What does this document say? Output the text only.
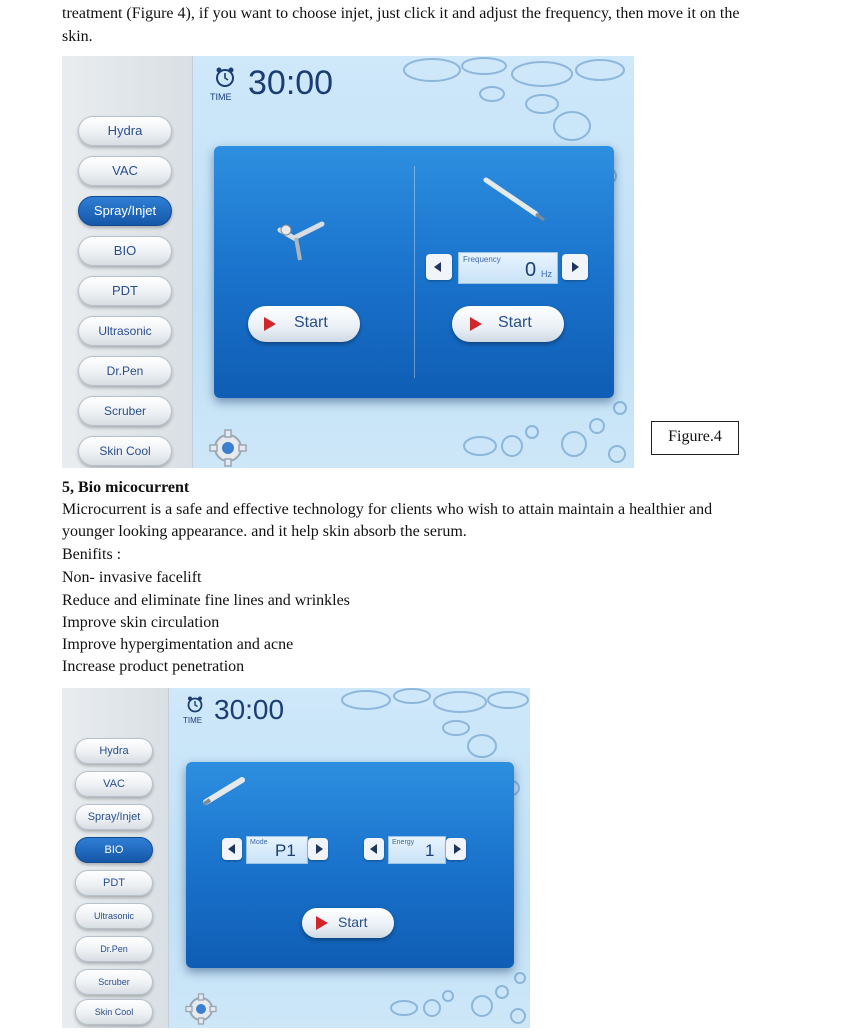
treatment (Figure 4), if you want to choose injet, just click it and adjust the frequency, then move it on the
skin.
Hydra
VAC
Spray/Injet
BIO
PDT
Ultrasonic
Dr.Pen
Scruber
Skin Cool
TIME 30:00
Start	Start
Frequency 0 Hz
Figure.4
5, Bio micocurrent
Microcurrent is a safe and effective technology for clients who wish to attain maintain a healthier and
younger looking appearance. and it help skin absorb the serum.
Benifits :
Non- invasive facelift
Reduce and eliminate fine lines and wrinkles
Improve skin circulation
Improve hypergimentation and acne
Increase product penetration
Hydra
VAC
Spray/Injet
BIO
PDT
Ultrasonic
Dr.Pen
Scruber
Skin Cool
TIME 30:00
Mode P1	Energy 1
Start
